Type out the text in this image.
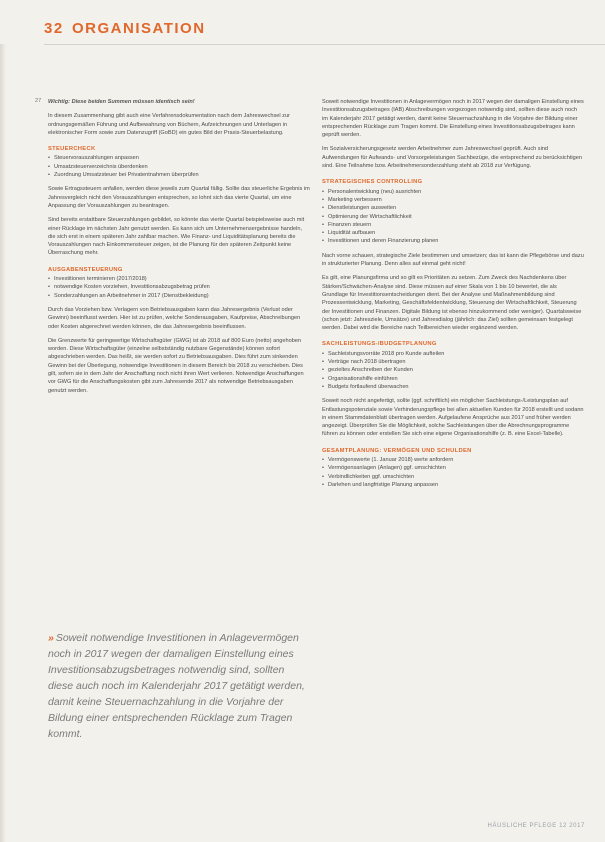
32 ORGANISATION
27 Wichtig: Diese beiden Summen müssen identisch sein!

In diesem Zusammenhang gibt auch eine Verfahrensdokumentation nach dem Jahreswechsel zur ordnungsgemäßen Führung und Aufbewahrung von Büchern, Aufzeichnungen und Unterlagen in elektronischer Form sowie zum Datenzugriff (GoBD) ein gutes Bild der Praxis-Steuerbelastung.

STEUERCHECK
• Steuervorauszahlungen anpassen
• Umsatzsteuerverzeichnis überdenken
• Zuordnung Umsatzsteuer bei Privatentnahmen überprüfen

Sowie Ertragssteuern anfallen, werden diese jeweils zum Quartal fällig. Sollte das steuerliche Ergebnis im Jahresvergleich nicht den Vorauszahlungen entsprechen, so lohnt sich das vierte Quartal, um eine Anpassung der Vorauszahlungen zu beantragen.

Sind bereits erstattbare Steuerzahlungen gebildet, so könnte das vierte Quartal beispielsweise auch mit einer Rücklage im nächsten Jahr genutzt werden. Es kann sich um Unternehmensergebnisse handeln, die sich erst in einem späteren Jahr zahlbar machen. Wie Finanz- und Liquiditätsplanung bereits die Vorauszahlungen nach Einkommensteuer zeigen, ist die Planung für den späteren Zeitpunkt keine Überraschung mehr.

AUSGABENSTEUERUNG
• Investitionen terminieren (2017/2018)
• notwendige Kosten vorziehen, Investitionsabzugsbetrag prüfen
• Sonderzahlungen an Arbeitnehmer in 2017 (Dienstbekleidung)

Durch das Vorziehen bzw. Verlagern von Betriebsausgaben kann das Jahresergebnis (Verlust oder Gewinn) beeinflusst werden. Hier ist zu prüfen, welche Sonderausgaben, Kaufpreise, Abschreibungen oder Kosten abgerechnet werden können, die das Jahresergebnis beeinflussen.

Die Grenzwerte für geringwertige Wirtschaftsgüter (GWG) ist ab 2018 auf 800 Euro (netto) angehoben worden. Diese Wirtschaftsgüter (einzelne selbstständig nutzbare Gegenstände) können sofort abgeschrieben werden. Das heißt, sie werden sofort zu Betriebsausgaben. Dies führt zum sinkenden Gewinn bei der Überlegung, notwendige Investitionen in diesem Bereich bis 2018 zu verschieben. Dies gilt, sofern sie in dem Jahr der Anschaffung noch nicht ihren Wert verlieren. Notwendige Anschaffungen vor GWG für die Anschaffungskosten gibt zum Jahresende 2017 als notwendige Betriebsausgaben genutzt werden.

» Soweit notwendige Investitionen in Anlagevermögen noch in 2017 wegen der damaligen Einstellung eines Investitionsabzugsbetrages notwendig sind, sollten diese auch noch im Kalenderjahr 2017 getätigt werden, damit keine Steuernachzahlung in die Vorjahre der Bildung einer entsprechenden Rücklage zum Tragen kommt.

Soweit notwendige Investitionen in Anlagevermögen noch in 2017 wegen der damaligen Einstellung eines Investitionsabzugsbetrages (IAB) Abschreibungen vorgezogen notwendig sind, sollten diese auch noch im Kalenderjahr 2017 getätigt werden, damit keine Steuernachzahlung in die Vorjahre der Bildung einer entsprechenden Rücklage zum Tragen kommt. Die Einstellung eines Investitionsabzugsbetrages kann geprüft werden.

Im Sozialversicherungsgesetz werden Arbeitnehmer zum Jahreswechsel geprüft. Auch sind Aufwendungen für Aufwands- und Vorsorgeleistungen Sachbezüge, die entsprechend zu berücksichtigen sind. Eine Teilnahme bzw. Arbeitnehmersonderzahlung steht ab 2018 zur Verfügung.

STRATEGISCHES CONTROLLING
• Personalentwicklung (neu) ausrichten
• Marketing verbessern
• Dienstleistungen ausweiten
• Optimierung der Wirtschaftlichkeit
• Finanzen steuern
• Liquidität aufbauen
• Investitionen und deren Finanzierung planen

Nach vorne schauen, strategische Ziele bestimmen und umsetzen; das ist kann die Pflegebörse und dazu in strukturierter Planung. Denn alles auf einmal geht nicht!

Es gilt, eine Planungsfirma und so gilt es Prioritäten zu setzen. Zum Zweck des Nachdenkens über Stärken/Schwächen-Analyse sind. Diese müssen auf einer Skala von 1 bis 10 bewertet, die als Grundlage für Investitionsentscheidungen dient. Bei der Analyse und Maßnahmenbildung sind Prozessentwicklung, Marketing, Geschäftsfeldentwicklung, Steuerung der Wirtschaftlichkeit, Steuerung der Investitionen und Finanzen. Digitale Bildung ist ebenso hinzukommend oder weniger). Quartalsweise (schon jetzt: Jahresziele, Umsätze) und Jahresdialog (jährlich: das Ziel) sollten gemeinsam festgelegt werden. Dabei wird die Bereiche nach Teilbereichen wieder ergänzend werden.

SACHLEISTUNGS-/BUDGETPLANUNG
• Sachleistungsvorräte 2018 pro Kunde aufteilen
• Verträge nach 2018 übertragen
• gezieltes Anschreiben der Kunden
• Organisationshilfe einführen
• Budgets fortlaufend überwachen

Soweit noch nicht angefertigt, sollte (ggf. schriftlich) ein möglicher Sachleistungs-/Leistungsplan auf Entlastungspotenziale sowie Verhinderungspflege bei allen aktuellen Kunden für 2018 erstellt und sodann in einem Stammdatenblatt übertragen werden. Aufgelaufene Ansprüche aus 2017 und früher werden angezeigt. Überprüfen Sie die Möglichkeit, solche Sachleistungen über die Abrechnungsprogramme führen zu können oder erstellen Sie sich eine eigene Organisationshilfe (z. B. eine Excel-Tabelle).

GESAMTPLANUNG: VERMÖGEN UND SCHULDEN
• Vermögenswerte (1. Januar 2018) werte anfordern
• Vermögensanlagen (Anlagen) ggf. umschichten
• Verbindlichkeiten ggf. umschichten
• Darlehen und langfristige Planung anpassen
HÄUSLICHE PFLEGE 12 2017
